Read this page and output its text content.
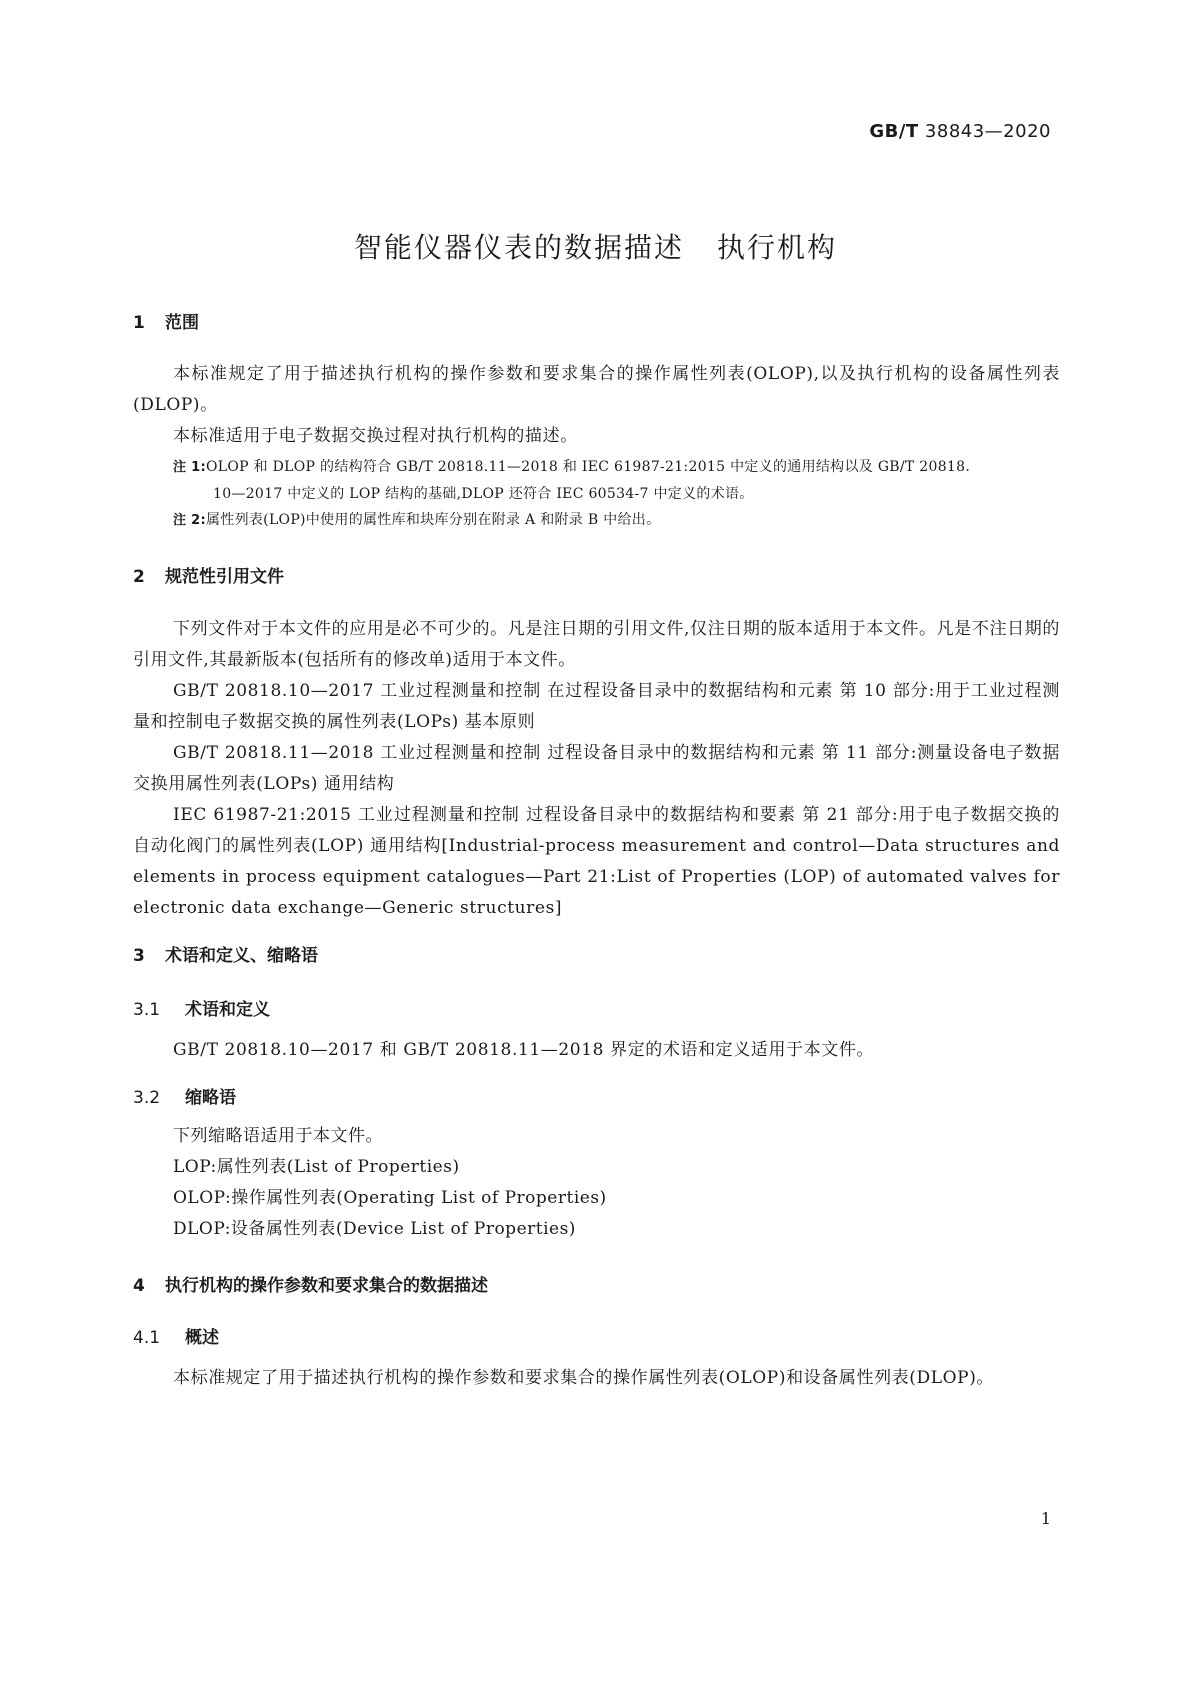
GB/T 38843—2020
智能仪器仪表的数据描述 执行机构
1 范围
本标准规定了用于描述执行机构的操作参数和要求集合的操作属性列表(OLOP),以及执行机构的设备属性列表(DLOP)。
本标准适用于电子数据交换过程对执行机构的描述。
注 1:OLOP 和 DLOP 的结构符合 GB/T 20818.11—2018 和 IEC 61987-21:2015 中定义的通用结构以及 GB/T 20818.
10—2017 中定义的 LOP 结构的基础,DLOP 还符合 IEC 60534-7 中定义的术语。
注 2:属性列表(LOP)中使用的属性库和块库分别在附录 A 和附录 B 中给出。
2 规范性引用文件
下列文件对于本文件的应用是必不可少的。凡是注日期的引用文件,仅注日期的版本适用于本文件。凡是不注日期的引用文件,其最新版本(包括所有的修改单)适用于本文件。
GB/T 20818.10—2017 工业过程测量和控制 在过程设备目录中的数据结构和元素 第 10 部分:用于工业过程测量和控制电子数据交换的属性列表(LOPs) 基本原则
GB/T 20818.11—2018 工业过程测量和控制 过程设备目录中的数据结构和元素 第 11 部分:测量设备电子数据交换用属性列表(LOPs) 通用结构
IEC 61987-21:2015 工业过程测量和控制 过程设备目录中的数据结构和要素 第 21 部分:用于电子数据交换的自动化阀门的属性列表(LOP) 通用结构[Industrial-process measurement and control—Data structures and elements in process equipment catalogues—Part 21:List of Properties (LOP) of automated valves for electronic data exchange—Generic structures]
3 术语和定义、缩略语
3.1 术语和定义
GB/T 20818.10—2017 和 GB/T 20818.11—2018 界定的术语和定义适用于本文件。
3.2 缩略语
下列缩略语适用于本文件。
LOP:属性列表(List of Properties)
OLOP:操作属性列表(Operating List of Properties)
DLOP:设备属性列表(Device List of Properties)
4 执行机构的操作参数和要求集合的数据描述
4.1 概述
本标准规定了用于描述执行机构的操作参数和要求集合的操作属性列表(OLOP)和设备属性列表(DLOP)。
1
